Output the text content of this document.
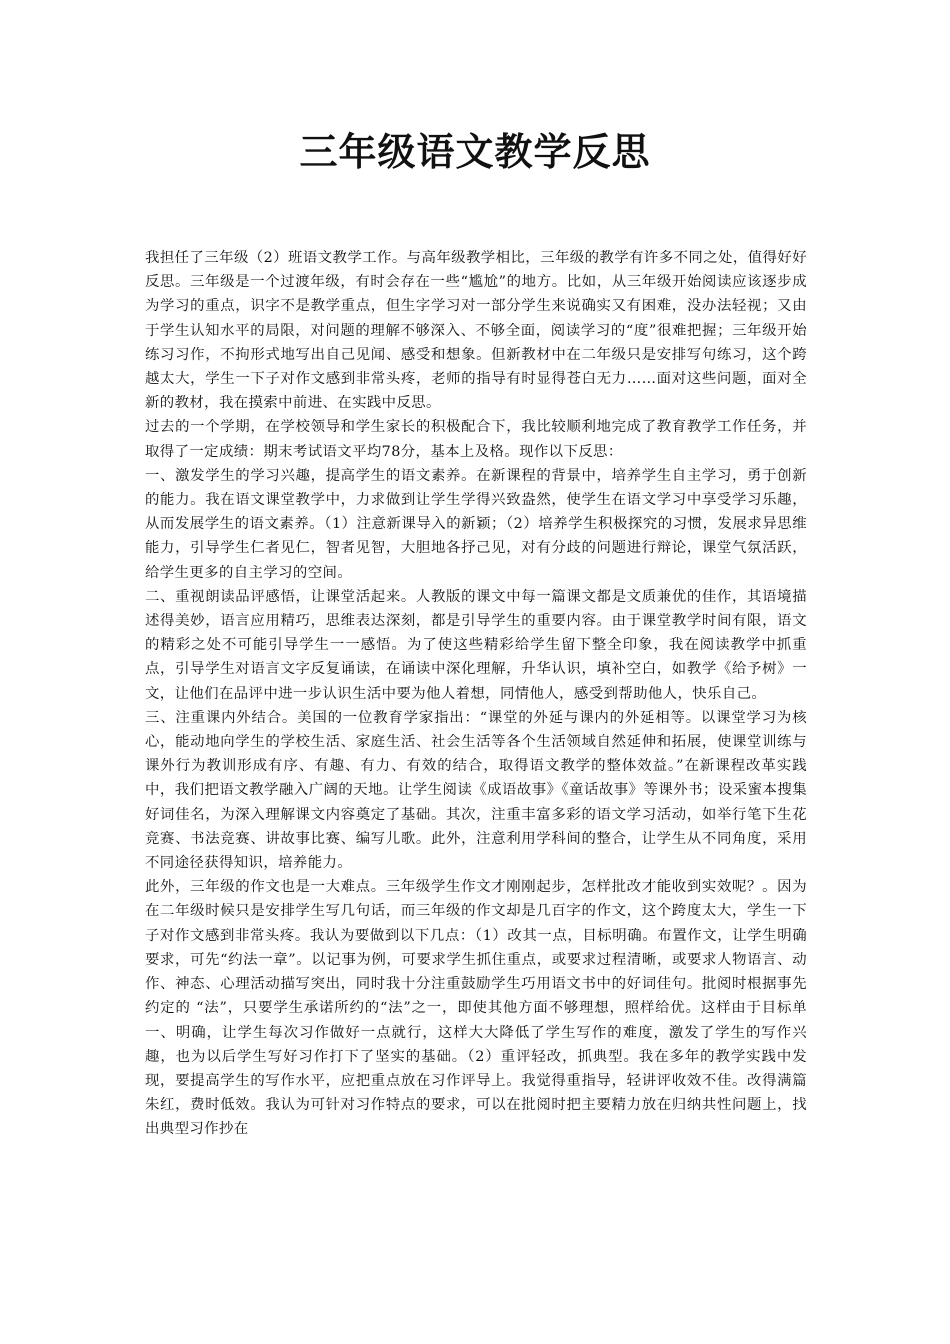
三年级语文教学反思

我担任了三年级（2）班语文教学工作。与高年级教学相比，三年级的教学有许多不同之处，值得好好反思。三年级是一个过渡年级，有时会存在一些“尴尬”的地方。比如，从三年级开始阅读应该逐步成为学习的重点，识字不是教学重点，但生字学习对一部分学生来说确实又有困难，没办法轻视；又由于学生认知水平的局限，对问题的理解不够深入、不够全面，阅读学习的“度”很难把握；三年级开始练习习作，不拘形式地写出自己见闻、感受和想象。但新教材中在二年级只是安排写句练习，这个跨越太大，学生一下子对作文感到非常头疼，老师的指导有时显得苍白无力……面对这些问题，面对全新的教材，我在摸索中前进、在实践中反思。

过去的一个学期，在学校领导和学生家长的积极配合下，我比较顺利地完成了教育教学工作任务，并取得了一定成绩：期末考试语文平均78分，基本上及格。现作以下反思：

一、激发学生的学习兴趣，提高学生的语文素养。在新课程的背景中，培养学生自主学习，勇于创新的能力。我在语文课堂教学中，力求做到让学生学得兴致盎然，使学生在语文学习中享受学习乐趣，从而发展学生的语文素养。（1）注意新课导入的新颖；（2）培养学生积极探究的习惯，发展求异思维能力，引导学生仁者见仁，智者见智，大胆地各抒己见，对有分歧的问题进行辩论，课堂气氛活跃，给学生更多的自主学习的空间。

二、重视朗读品评感悟，让课堂活起来。人教版的课文中每一篇课文都是文质兼优的佳作，其语境描述得美妙，语言应用精巧，思维表达深刻，都是引导学生的重要内容。由于课堂教学时间有限，语文的精彩之处不可能引导学生一一感悟。为了使这些精彩给学生留下整全印象，我在阅读教学中抓重点，引导学生对语言文字反复诵读，在诵读中深化理解，升华认识，填补空白，如教学《给予树》一文，让他们在品评中进一步认识生活中要为他人着想，同情他人，感受到帮助他人，快乐自己。

三、注重课内外结合。美国的一位教育学家指出：“课堂的外延与课内的外延相等。以课堂学习为核心，能动地向学生的学校生活、家庭生活、社会生活等各个生活领域自然延伸和拓展，使课堂训练与课外行为教训形成有序、有趣、有力、有效的结合，取得语文教学的整体效益。”在新课程改革实践中，我们把语文教学融入广阔的天地。让学生阅读《成语故事》《童话故事》等课外书；设采蜜本搜集好词佳名，为深入理解课文内容奠定了基础。其次，注重丰富多彩的语文学习活动，如举行笔下生花竞赛、书法竞赛、讲故事比赛、编写儿歌。此外，注意利用学科间的整合，让学生从不同角度，采用不同途径获得知识，培养能力。

此外，三年级的作文也是一大难点。三年级学生作文才刚刚起步，怎样批改才能收到实效呢？。因为在二年级时候只是安排学生写几句话，而三年级的作文却是几百字的作文，这个跨度太大，学生一下子对作文感到非常头疼。我认为要做到以下几点：（1）改其一点，目标明确。布置作文，让学生明确要求，可先“约法一章”。以记事为例，可要求学生抓住重点，或要求过程清晰，或要求人物语言、动作、神态、心理活动描写突出，同时我十分注重鼓励学生巧用语文书中的好词佳句。批阅时根据事先约定的 “法”，只要学生承诺所约的“法”之一，即使其他方面不够理想，照样给优。这样由于目标单一、明确，让学生每次习作做好一点就行，这样大大降低了学生写作的难度，激发了学生的写作兴趣，也为以后学生写好习作打下了坚实的基础。（2）重评轻改，抓典型。我在多年的教学实践中发现，要提高学生的写作水平，应把重点放在习作评导上。我觉得重指导，轻讲评收效不佳。改得满篇朱红，费时低效。我认为可针对习作特点的要求，可以在批阅时把主要精力放在归纳共性问题上，找出典型习作抄在
